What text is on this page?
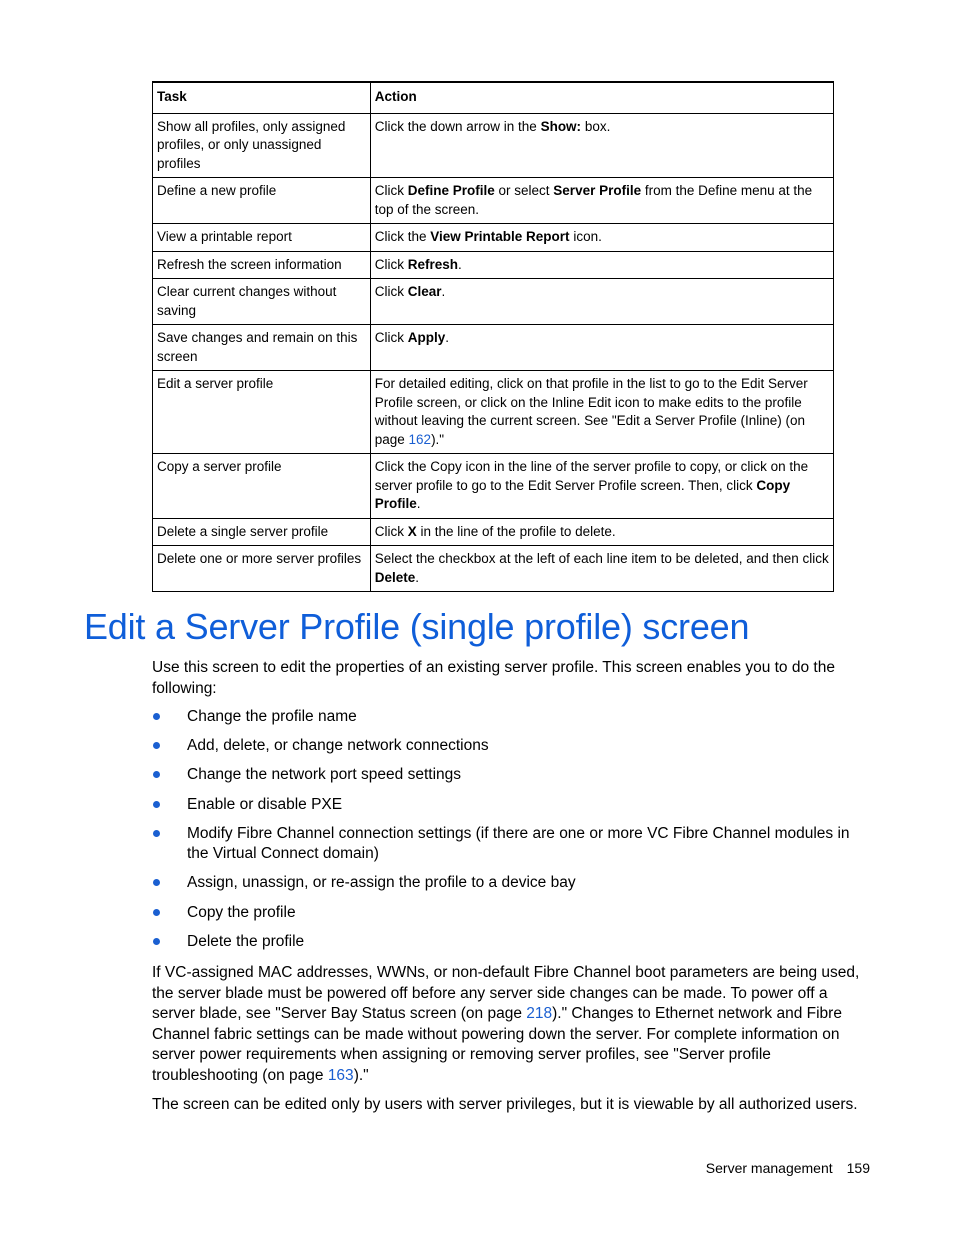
Task	Action
Show all profiles, only assigned profiles, or only unassigned profiles	Click the down arrow in the Show: box.
Define a new profile	Click Define Profile or select Server Profile from the Define menu at the top of the screen.
View a printable report	Click the View Printable Report icon.
Refresh the screen information	Click Refresh.
Clear current changes without saving	Click Clear.
Save changes and remain on this screen	Click Apply.
Edit a server profile	For detailed editing, click on that profile in the list to go to the Edit Server Profile screen, or click on the Inline Edit icon to make edits to the profile without leaving the current screen. See "Edit a Server Profile (Inline) (on page 162)."
Copy a server profile	Click the Copy icon in the line of the server profile to copy, or click on the server profile to go to the Edit Server Profile screen. Then, click Copy Profile.
Delete a single server profile	Click X in the line of the profile to delete.
Delete one or more server profiles	Select the checkbox at the left of each line item to be deleted, and then click Delete.
Edit a Server Profile (single profile) screen

Use this screen to edit the properties of an existing server profile. This screen enables you to do the following:

Change the profile name
Add, delete, or change network connections
Change the network port speed settings
Enable or disable PXE
Modify Fibre Channel connection settings (if there are one or more VC Fibre Channel modules in the Virtual Connect domain)
Assign, unassign, or re-assign the profile to a device bay
Copy the profile
Delete the profile

If VC-assigned MAC addresses, WWNs, or non-default Fibre Channel boot parameters are being used, the server blade must be powered off before any server side changes can be made. To power off a server blade, see "Server Bay Status screen (on page 218)." Changes to Ethernet network and Fibre Channel fabric settings can be made without powering down the server. For complete information on server power requirements when assigning or removing server profiles, see "Server profile troubleshooting (on page 163)."

The screen can be edited only by users with server privileges, but it is viewable by all authorized users.

Server management 159
